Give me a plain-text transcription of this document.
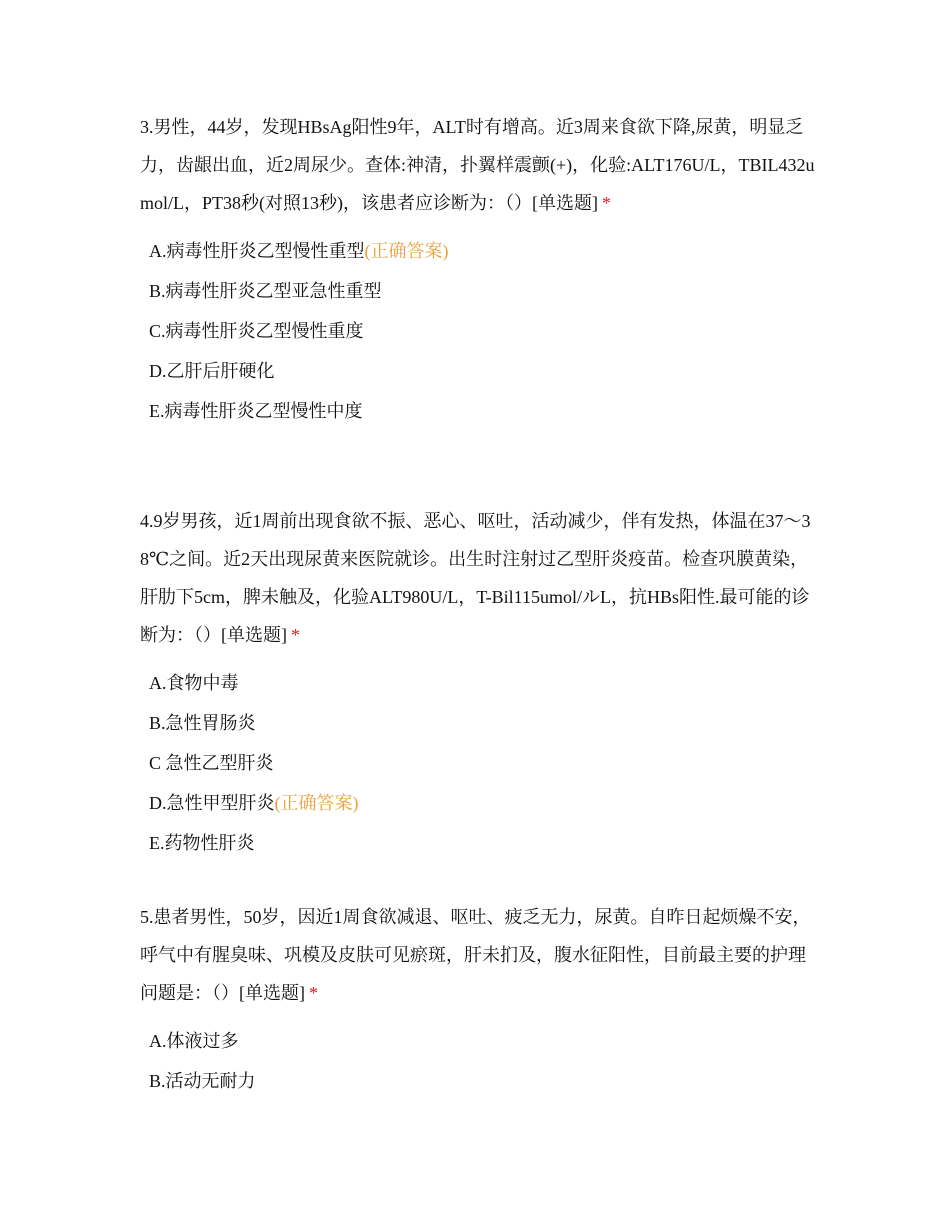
3.男性，44岁，发现HBsAg阳性9年，ALT时有增高。近3周来食欲下降,尿黄，明显乏力，齿龈出血，近2周尿少。查体:神清，扑翼样震颤(+)，化验:ALT176U/L，TBIL432umol/L，PT38秒(对照13秒)，该患者应诊断为：（）[单选题] *

A.病毒性肝炎乙型慢性重型(正确答案)
B.病毒性肝炎乙型亚急性重型
C.病毒性肝炎乙型慢性重度
D.乙肝后肝硬化
E.病毒性肝炎乙型慢性中度

4.9岁男孩，近1周前出现食欲不振、恶心、呕吐，活动减少，伴有发热，体温在37～38℃之间。近2天出现尿黄来医院就诊。出生时注射过乙型肝炎疫苗。检查巩膜黄染，肝肋下5cm，脾未触及，化验ALT980U/L，T-Bil115umol/ルL，抗HBs阳性.最可能的诊断为：（）[单选题] *

A.食物中毒
B.急性胃肠炎
C 急性乙型肝炎
D.急性甲型肝炎(正确答案)
E.药物性肝炎

5.患者男性，50岁，因近1周食欲减退、呕吐、疲乏无力，尿黄。自昨日起烦燥不安，呼气中有腥臭味、巩模及皮肤可见瘀斑，肝未扪及，腹水征阳性，目前最主要的护理问题是：（）[单选题] *

A.体液过多
B.活动无耐力
